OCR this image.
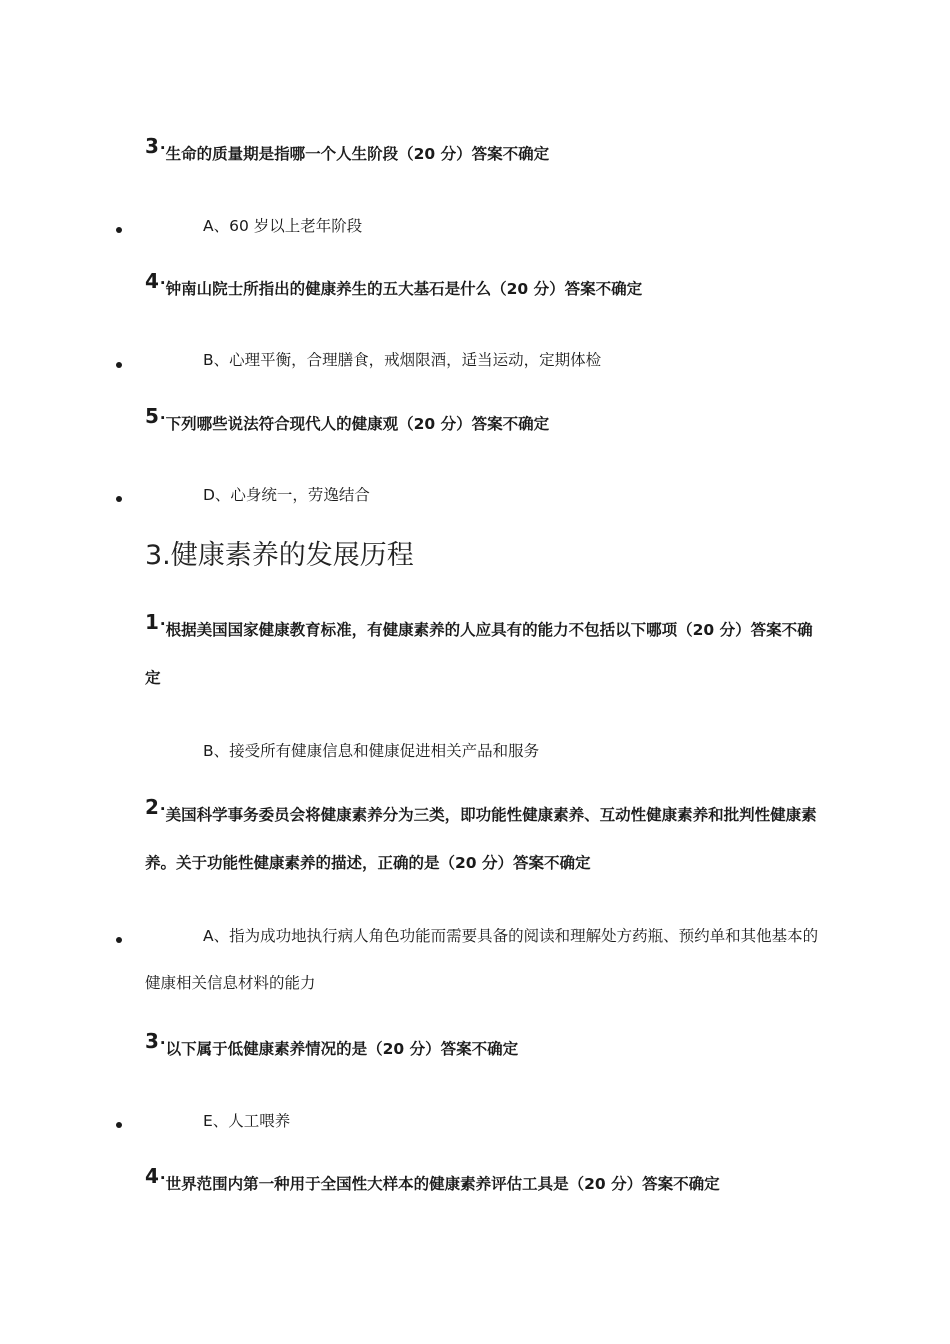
3·生命的质量期是指哪一个人生阶段（20 分）答案不确定
A、60 岁以上老年阶段
4·钟南山院士所指出的健康养生的五大基石是什么（20 分）答案不确定
B、心理平衡，合理膳食，戒烟限酒，适当运动，定期体检
5·下列哪些说法符合现代人的健康观（20 分）答案不确定
D、心身统一，劳逸结合
3.健康素养的发展历程
1·根据美国国家健康教育标准，有健康素养的人应具有的能力不包括以下哪项（20 分）答案不确定
B、接受所有健康信息和健康促进相关产品和服务
2·美国科学事务委员会将健康素养分为三类，即功能性健康素养、互动性健康素养和批判性健康素养。关于功能性健康素养的描述，正确的是（20 分）答案不确定
A、指为成功地执行病人角色功能而需要具备的阅读和理解处方药瓶、预约单和其他基本的健康相关信息材料的能力
3·以下属于低健康素养情况的是（20 分）答案不确定
E、人工喂养
4·世界范围内第一种用于全国性大样本的健康素养评估工具是（20 分）答案不确定
